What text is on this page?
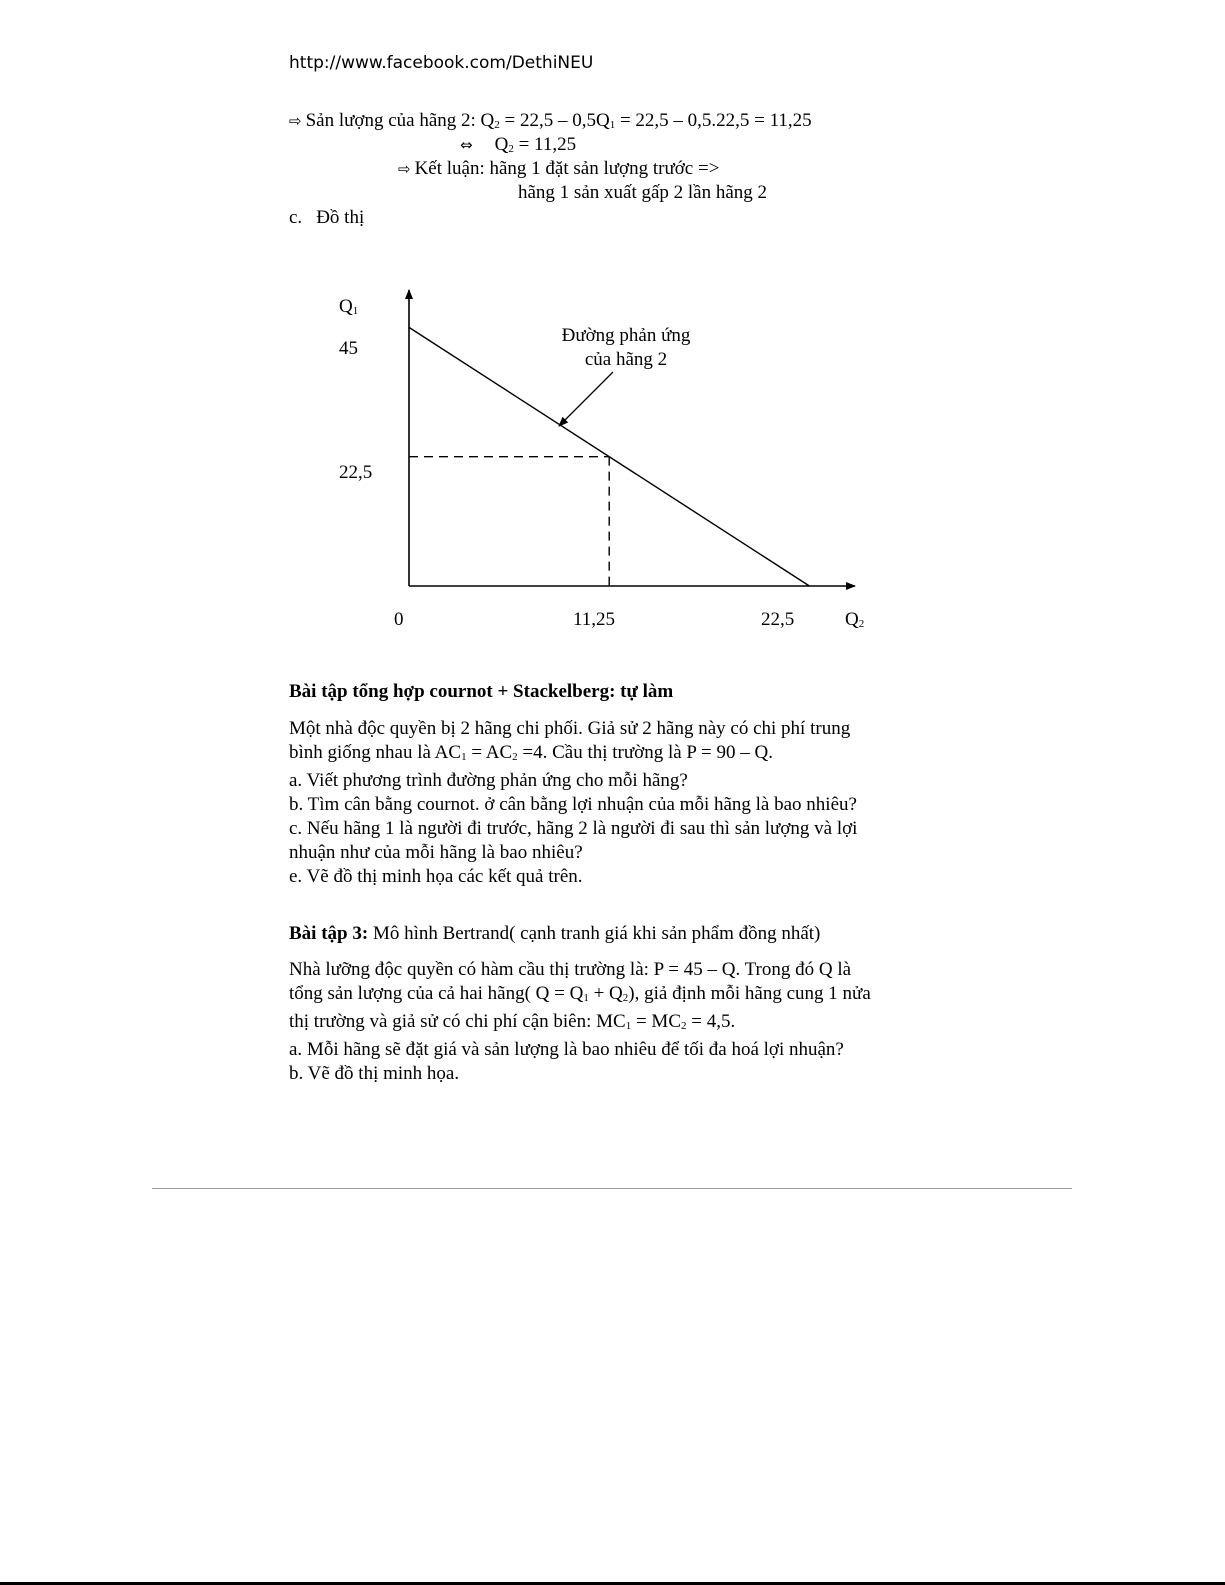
http://www.facebook.com/DethiNEU
⇨ Sản lượng của hãng 2: $Q_2 = 22,5 - 0,5Q_1 = 22,5 - 0,5.22,5 = 11,25$
⇔ $Q_2 = 11,25$
⇨ Kết luận: hãng 1 đặt sản lượng trước =>
hãng 1 sản xuất gấp 2 lần hãng 2
c. Đồ thị
Q1
Q2
45
22,5
0	11,25	22,5
Đường phản ứng
của hãng 2
Bài tập tổng hợp cournot + Stackelberg: tự làm
Một nhà độc quyền bị 2 hãng chi phối. Giả sử 2 hãng này có chi phí trung
bình giống nhau là $AC_1 = AC_2 =4$. Cầu thị trường là P = 90 – Q.
a. Viết phương trình đường phản ứng cho mỗi hãng?
b. Tìm cân bằng cournot. ở cân bằng lợi nhuận của mỗi hãng là bao nhiêu?
c. Nếu hãng 1 là người đi trước, hãng 2 là người đi sau thì sản lượng và lợi
nhuận như của mỗi hãng là bao nhiêu?
e. Vẽ đồ thị minh họa các kết quả trên.
Bài tập 3: Mô hình Bertrand( cạnh tranh giá khi sản phẩm đồng nhất)
Nhà lưỡng độc quyền có hàm cầu thị trường là: P = 45 – Q. Trong đó Q là
tổng sản lượng của cả hai hãng( $Q = Q_1 + Q_2$), giả định mỗi hãng cung 1 nửa
thị trường và giả sử có chi phí cận biên: $MC_1 = MC_2 = 4,5$.
a. Mỗi hãng sẽ đặt giá và sản lượng là bao nhiêu để tối đa hoá lợi nhuận?
b. Vẽ đồ thị minh họa.
